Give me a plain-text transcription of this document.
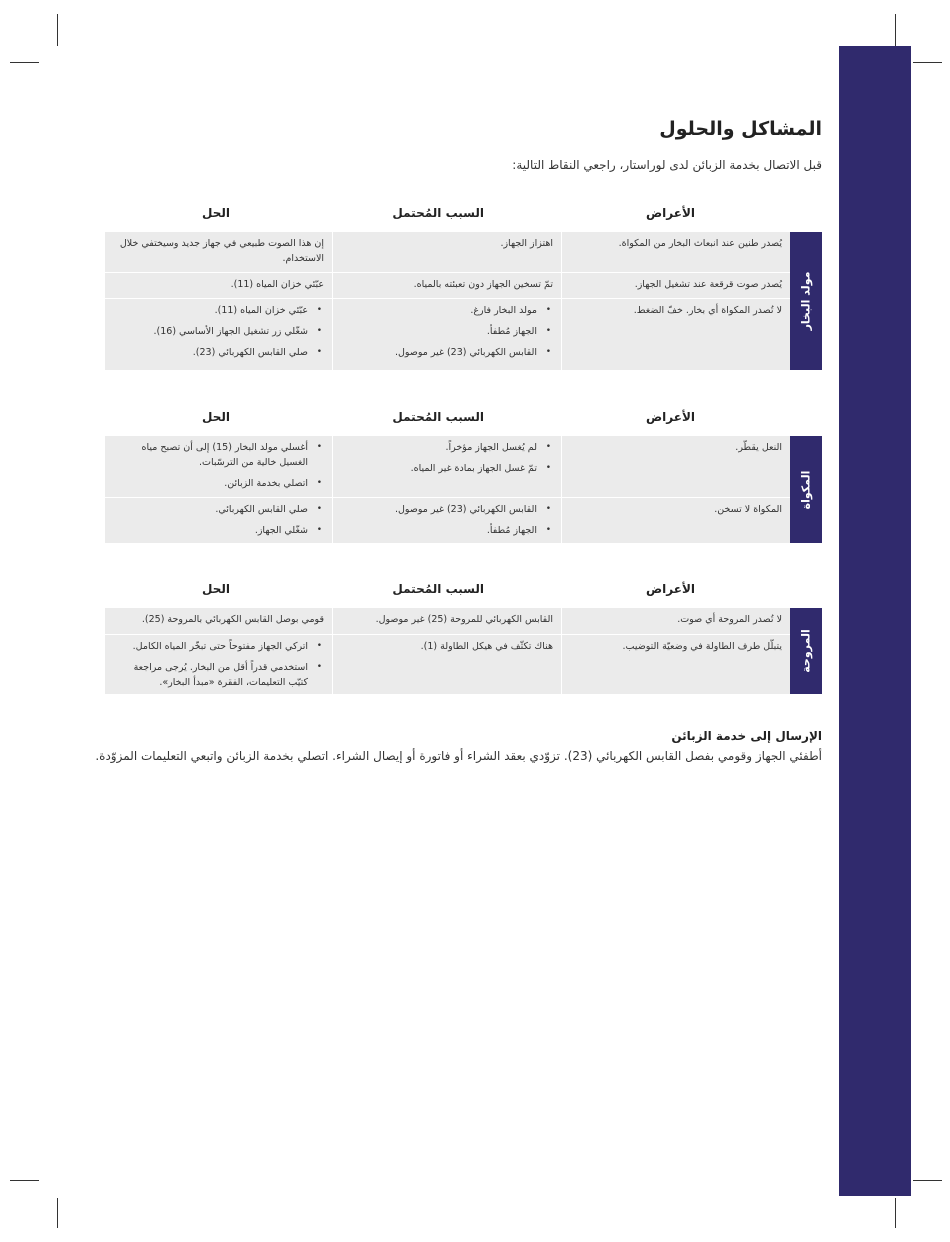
المشاكل والحلول
قبل الاتصال بخدمة الزبائن لدى لوراستار، راجعي النقاط التالية:
الأعراض
السبب المُحتمل
الحل
مولد البخار
يُصدر طنين عند انبعاث البخار من المكواة.
اهتزاز الجهاز.
إن هذا الصوت طبيعي في جهاز جديد وسيختفي خلال الاستخدام.
يُصدر صوت قرقعة عند تشغيل الجهاز.
تمّ تسخين الجهاز دون تعبئته بالمياه.
عبّئي خزان المياه (11).
لا تُصدر المكواة أي بخار. خفّ الضغط.
• مولد البخار فارغ.
• الجهاز مُطفأ.
• القابس الكهربائي (23) غير موصول.
• عبّئي خزان المياه (11).
• شغّلي زر تشغيل الجهاز الأساسي (16).
• صلي القابس الكهربائي (23).
الأعراض
السبب المُحتمل
الحل
المكواة
النعل يقطّر.
• لم يُغسل الجهاز مؤخراً.
• تمّ غسل الجهاز بمادة غير المياه.
• أغسلي مولد البخار (15) إلى أن تصبح مياه الغسيل خالية من الترسّبات.
• اتصلي بخدمة الزبائن.
المكواة لا تسخن.
• القابس الكهربائي (23) غير موصول.
• الجهاز مُطفأ.
• صلي القابس الكهربائي.
• شغّلي الجهاز.
الأعراض
السبب المُحتمل
الحل
المروحة
لا تُصدر المروحة أي صوت.
القابس الكهربائي للمروحة (25) غير موصول.
قومي بوصل القابس الكهربائي بالمروحة (25).
يتبلّل طرف الطاولة في وضعيّة التوضيب.
هناك تكثّف في هيكل الطاولة (1).
• اتركي الجهاز مفتوحاً حتى تبخّر المياه الكامل.
• استخدمي قدراً أقل من البخار. يُرجى مراجعة كتيّب التعليمات، الفقرة «مبدأ البخار».
الإرسال إلى خدمة الزبائن
أطفئي الجهاز وقومي بفصل القابس الكهربائي (23). تزوّدي بعقد الشراء أو فاتورة أو إيصال الشراء. اتصلي بخدمة الزبائن واتبعي التعليمات المزوّدة.
